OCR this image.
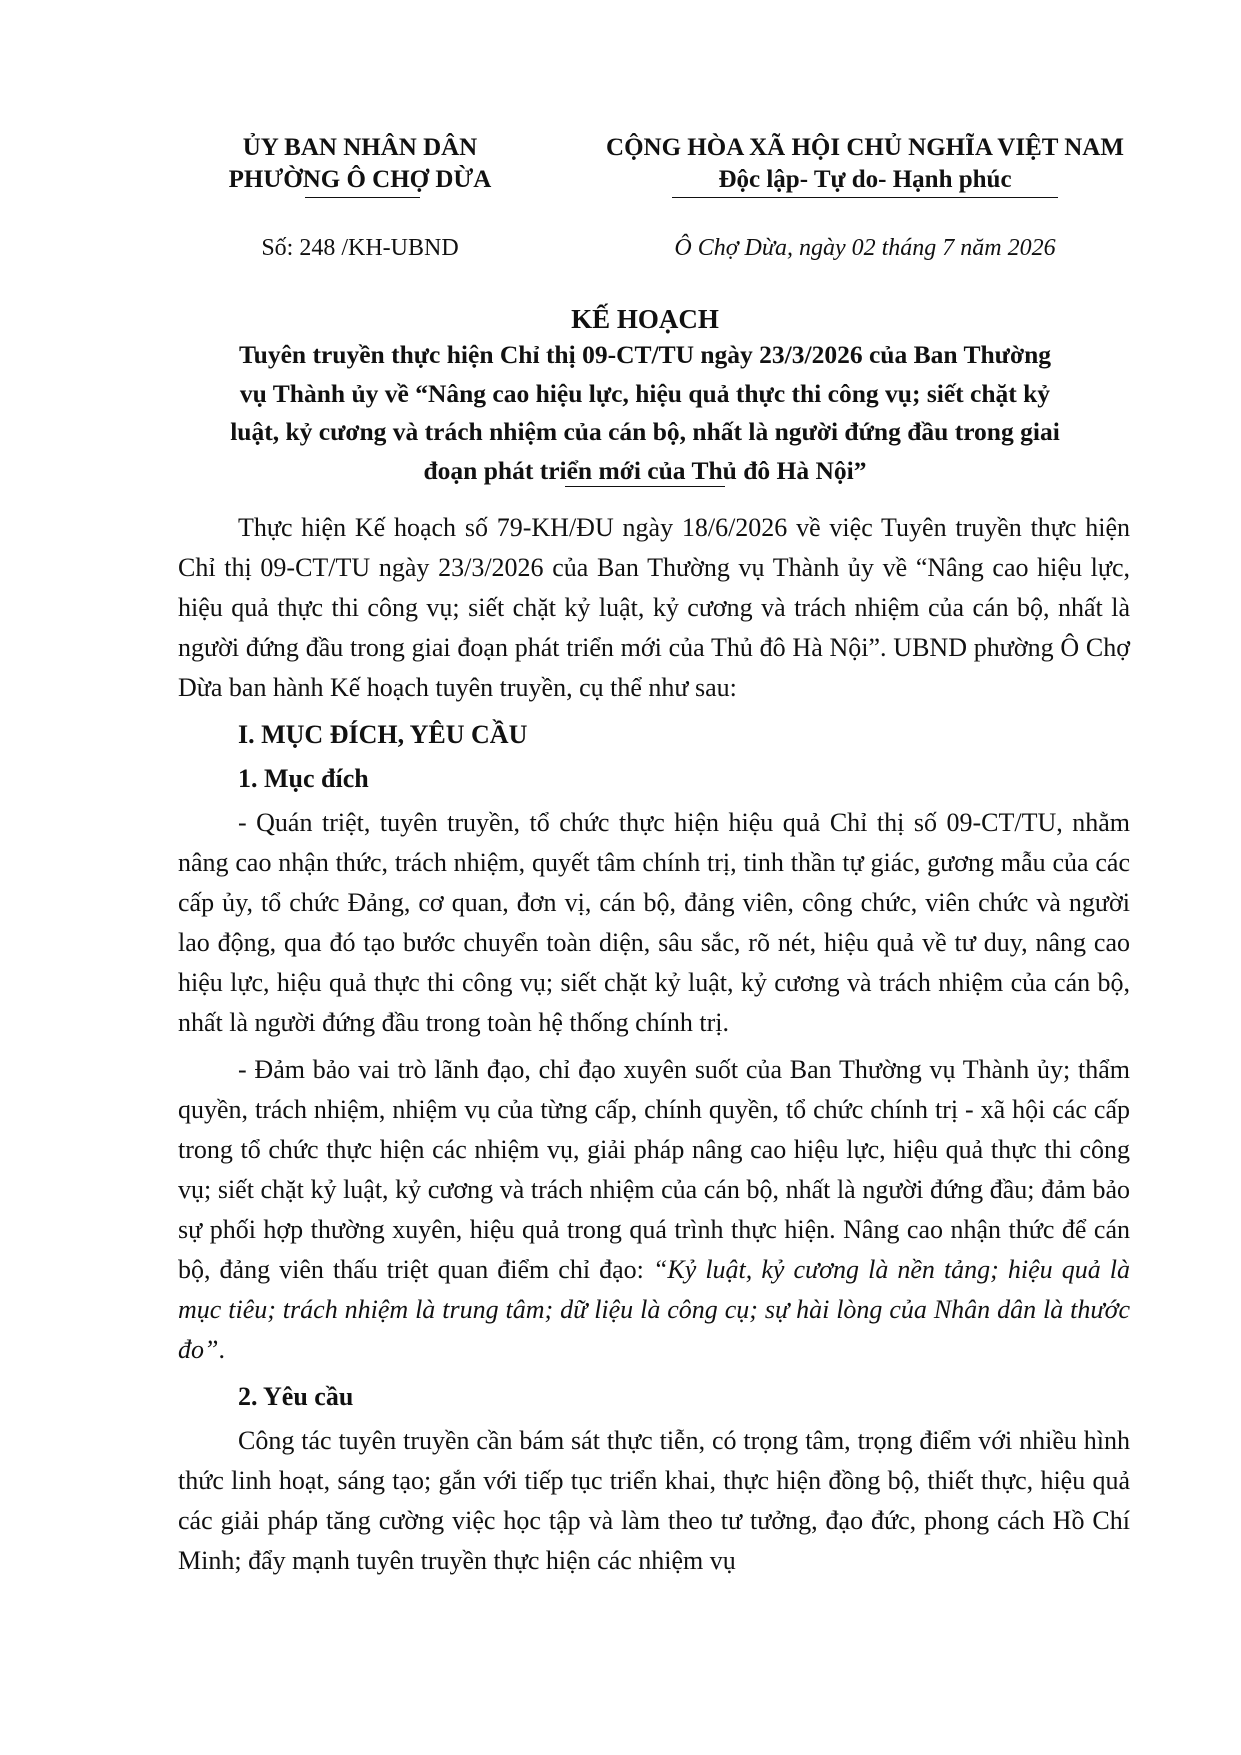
ỦY BAN NHÂN DÂN
PHƯỜNG Ô CHỢ DỪA
CỘNG HÒA XÃ HỘI CHỦ NGHĨA VIỆT NAM
Độc lập- Tự do- Hạnh phúc
Số: 248 /KH-UBND	Ô Chợ Dừa, ngày 02 tháng 7 năm 2026
KẾ HOẠCH
Tuyên truyền thực hiện Chỉ thị 09-CT/TU ngày 23/3/2026 của Ban Thường
vụ Thành ủy về “Nâng cao hiệu lực, hiệu quả thực thi công vụ; siết chặt kỷ
luật, kỷ cương và trách nhiệm của cán bộ, nhất là người đứng đầu trong giai
đoạn phát triển mới của Thủ đô Hà Nội”

Thực hiện Kế hoạch số 79-KH/ĐU ngày 18/6/2026 về việc Tuyên truyền thực hiện Chỉ thị 09-CT/TU ngày 23/3/2026 của Ban Thường vụ Thành ủy về “Nâng cao hiệu lực, hiệu quả thực thi công vụ; siết chặt kỷ luật, kỷ cương và trách nhiệm của cán bộ, nhất là người đứng đầu trong giai đoạn phát triển mới của Thủ đô Hà Nội”. UBND phường Ô Chợ Dừa ban hành Kế hoạch tuyên truyền, cụ thể như sau:

I. MỤC ĐÍCH, YÊU CẦU

1. Mục đích

- Quán triệt, tuyên truyền, tổ chức thực hiện hiệu quả Chỉ thị số 09-CT/TU, nhằm nâng cao nhận thức, trách nhiệm, quyết tâm chính trị, tinh thần tự giác, gương mẫu của các cấp ủy, tổ chức Đảng, cơ quan, đơn vị, cán bộ, đảng viên, công chức, viên chức và người lao động, qua đó tạo bước chuyển toàn diện, sâu sắc, rõ nét, hiệu quả về tư duy, nâng cao hiệu lực, hiệu quả thực thi công vụ; siết chặt kỷ luật, kỷ cương và trách nhiệm của cán bộ, nhất là người đứng đầu trong toàn hệ thống chính trị.

- Đảm bảo vai trò lãnh đạo, chỉ đạo xuyên suốt của Ban Thường vụ Thành ủy; thẩm quyền, trách nhiệm, nhiệm vụ của từng cấp, chính quyền, tổ chức chính trị - xã hội các cấp trong tổ chức thực hiện các nhiệm vụ, giải pháp nâng cao hiệu lực, hiệu quả thực thi công vụ; siết chặt kỷ luật, kỷ cương và trách nhiệm của cán bộ, nhất là người đứng đầu; đảm bảo sự phối hợp thường xuyên, hiệu quả trong quá trình thực hiện. Nâng cao nhận thức để cán bộ, đảng viên thấu triệt quan điểm chỉ đạo: “Kỷ luật, kỷ cương là nền tảng; hiệu quả là mục tiêu; trách nhiệm là trung tâm; dữ liệu là công cụ; sự hài lòng của Nhân dân là thước đo”.

2. Yêu cầu

Công tác tuyên truyền cần bám sát thực tiễn, có trọng tâm, trọng điểm với nhiều hình thức linh hoạt, sáng tạo; gắn với tiếp tục triển khai, thực hiện đồng bộ, thiết thực, hiệu quả các giải pháp tăng cường việc học tập và làm theo tư tưởng, đạo đức, phong cách Hồ Chí Minh; đẩy mạnh tuyên truyền thực hiện các nhiệm vụ
